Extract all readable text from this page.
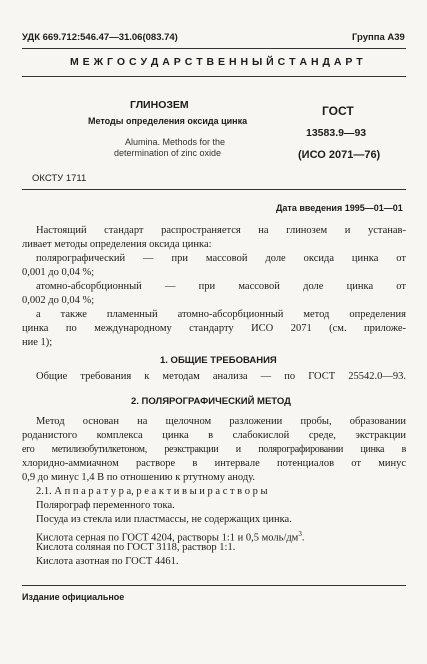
УДК 669.712:546.47—31.06(083.74)	Группа А39
М Е Ж Г О С У Д А Р С Т В Е Н Н Ы Й С Т А Н Д А Р Т
ГЛИНОЗЕМ
Методы определения оксида цинка
Alumina. Methods for the
determination of zinc oxide
ГОСТ
13583.9—93
(ИСО 2071—76)
ОКСТУ 1711
Дата введения 1995—01—01
Настоящий стандарт распространяется на глинозем и устанав-
ливает методы определения оксида цинка:
полярографический — при массовой доле оксида цинка от
0,001 до 0,04 %;
атомно-абсорбционный — при массовой доле цинка от
0,002 до 0,04 %;
а также пламенный атомно-абсорбционный метод определения
цинка по международному стандарту ИСО 2071 (см. приложе-
ние 1);
1. ОБЩИЕ ТРЕБОВАНИЯ
Общие требования к методам анализа — по ГОСТ 25542.0—93.
2. ПОЛЯРОГРАФИЧЕСКИЙ МЕТОД
Метод основан на щелочном разложении пробы, образовании
роданистого комплекса цинка в слабокислой среде, экстракции
его метилизобутилкетоном, реэкстракции и полярографировании цинка в
хлоридно-аммиачном растворе в интервале потенциалов от минус
0,9 до минус 1,4 В по отношению к ртутному аноду.
2.1. А п п а р а т у р а, р е а к т и в ы и р а с т в о р ы
Полярограф переменного тока.
Посуда из стекла или пластмассы, не содержащих цинка.
Кислота серная по ГОСТ 4204, растворы 1:1 и 0,5 моль/$дм^3$.
Кислота соляная по ГОСТ 3118, раствор 1:1.
Кислота азотная по ГОСТ 4461.
Издание официальное
